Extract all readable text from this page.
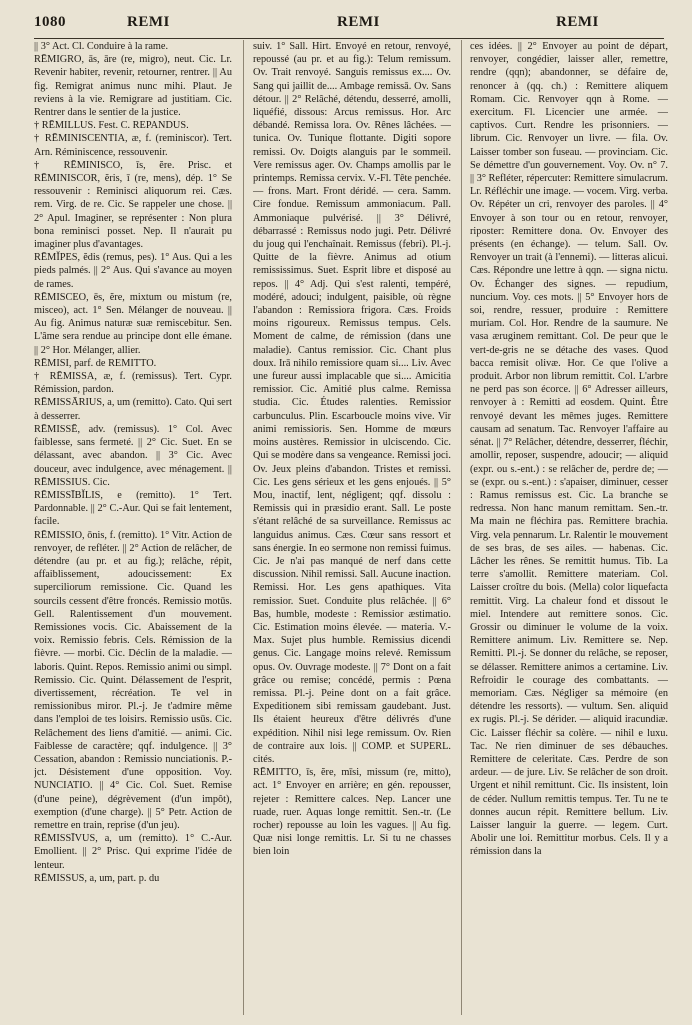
1080	REMI	REMI	REMI

|| 3° Act. Cl. Conduire à la rame.

RĒMIGRO, ās, āre (re, migro), neut. Cic. Lr. Revenir habiter, revenir, retourner, rentrer. || Au fig. Remigrat animus nunc mihi. Plaut. Je reviens à la vie. Remigrare ad justitiam. Cic. Rentrer dans le sentier de la justice.

† RĒMILLUS. Fest. C. REPANDUS.

† RĒMINISCENTIA, æ, f. (reminiscor). Tert. Arn. Réminiscence, ressouvenir.

† RĒMINISCO, īs, ĕre. Prisc. et RĒMINISCOR, ĕris, ī (re, mens), dép. 1° Se ressouvenir : Reminisci aliquorum rei. Cæs. rem. Virg. de re. Cic. Se rappeler une chose. || 2° Apul. Imaginer, se représenter : Non plura bona reminisci posset. Nep. Il n'aurait pu imaginer plus d'avantages.

RĒMĬPES, ĕdis (remus, pes). 1° Aus. Qui a les pieds palmés. || 2° Aus. Qui s'avance au moyen de rames.

RĒMISCEO, ēs, ĕre, mixtum ou mistum (re, misceo), act. 1° Sen. Mélanger de nouveau. || Au fig. Animus naturæ suæ remiscebitur. Sen. L'âme sera rendue au principe dont elle émane. || 2° Hor. Mélanger, allier.

RĒMISI, parf. de REMITTO.

† RĒMISSA, æ, f. (remissus). Tert. Cypr. Rémission, pardon.

RĒMISSĀRIUS, a, um (remitto). Cato. Qui sert à desserrer.

RĒMISSĒ, adv. (remissus). 1° Col. Avec faiblesse, sans fermeté. || 2° Cic. Suet. En se délassant, avec abandon. || 3° Cic. Avec douceur, avec indulgence, avec ménagement. || RĒMISSIUS. Cic.

RĒMISSĪBĬLIS, e (remitto). 1° Tert. Pardonnable. || 2° C.-Aur. Qui se fait lentement, facile.

RĒMISSIO, ōnis, f. (remitto). 1° Vitr. Action de renvoyer, de refléter. || 2° Action de relâcher, de détendre (au pr. et au fig.); relâche, répit, affaiblissement, adoucissement: Ex superciliorum remissione. Cic. Quand les sourcils cessent d'être froncés. Remissio motūs. Gell. Ralentissement d'un mouvement. Remissiones vocis. Cic. Abaissement de la voix. Remissio febris. Cels. Rémission de la fièvre. — morbi. Cic. Déclin de la maladie. — laboris. Quint. Repos. Remissio animi ou simpl. Remissio. Cic. Quint. Délassement de l'esprit, divertissement, récréation. Te vel in remissionibus miror. Pl.-j. Je t'admire même dans l'emploi de tes loisirs. Remissio usūs. Cic. Relâchement des liens d'amitié. — animi. Cic. Faiblesse de caractère; qqf. indulgence. || 3° Cessation, abandon : Remissio nunciationis. P.-jct. Désistement d'une opposition. Voy. NUNCIATIO. || 4° Cic. Col. Suet. Remise (d'une peine), dégrèvement (d'un impôt), exemption (d'une charge). || 5° Petr. Action de remettre en train, reprise (d'un jeu).

RĒMISSĪVUS, a, um (remitto). 1° C.-Aur. Emollient. || 2° Prisc. Qui exprime l'idée de lenteur.

RĒMISSUS, a, um, part. p. du

suiv. 1° Sall. Hirt. Envoyé en retour, renvoyé, repoussé (au pr. et au fig.): Telum remissum. Ov. Trait renvoyé. Sanguis remissus ex.... Ov. Sang qui jaillit de.... Ambage remissā. Ov. Sans détour. || 2° Relâché, détendu, desserré, amolli, liquéfié, dissous: Arcus remissus. Hor. Arc débandé. Remissa lora. Ov. Rênes lâchées. — tunica. Ov. Tunique flottante. Digiti sopore remissi. Ov. Doigts alanguis par le sommeil. Vere remissus ager. Ov. Champs amollis par le printemps. Remissa cervix. V.-Fl. Tête penchée. — frons. Mart. Front déridé. — cera. Samm. Cire fondue. Remissum ammoniacum. Pall. Ammoniaque pulvérisé. || 3° Délivré, débarrassé : Remissus nodo jugi. Petr. Délivré du joug qui l'enchaînait. Remissus (febri). Pl.-j. Quitte de la fièvre. Animus ad otium remississimus. Suet. Esprit libre et disposé au repos. || 4° Adj. Qui s'est ralenti, tempéré, modéré, adouci; indulgent, paisible, où règne l'abandon : Remissiora frigora. Cæs. Froids moins rigoureux. Remissus tempus. Cels. Moment de calme, de rémission (dans une maladie). Cantus remissior. Cic. Chant plus doux. Irā nihilo remissiore quam si.... Liv. Avec une fureur aussi implacable que si.... Amicitia remissior. Cic. Amitié plus calme. Remissa studia. Cic. Études ralenties. Remissior carbunculus. Plin. Escarboucle moins vive. Vir animi remissioris. Sen. Homme de mœurs moins austères. Remissior in ulciscendo. Cic. Qui se modère dans sa vengeance. Remissi joci. Ov. Jeux pleins d'abandon. Tristes et remissi. Cic. Les gens sérieux et les gens enjoués. || 5° Mou, inactif, lent, négligent; qqf. dissolu : Remissis qui in præsidio erant. Sall. Le poste s'étant relâché de sa surveillance. Remissus ac languidus animus. Cæs. Cœur sans ressort et sans énergie. In eo sermone non remissi fuimus. Cic. Je n'ai pas manqué de nerf dans cette discussion. Nihil remissi. Sall. Aucune inaction. Remissi. Hor. Les gens apathiques. Vita remissior. Suet. Conduite plus relâchée. || 6° Bas, humble, modeste : Remissior æstimatio. Cic. Estimation moins élevée. — materia. V.-Max. Sujet plus humble. Remissius dicendi genus. Cic. Langage moins relevé. Remissum opus. Ov. Ouvrage modeste. || 7° Dont on a fait grâce ou remise; concédé, permis : Pœna remissa. Pl.-j. Peine dont on a fait grâce. Expeditionem sibi remissam gaudebant. Just. Ils étaient heureux d'être délivrés d'une expédition. Nihil nisi lege remissum. Ov. Rien de contraire aux lois. || COMP. et SUPERL. cités.

RĒMITTO, īs, ĕre, mīsi, missum (re, mitto), act. 1° Envoyer en arrière; en gén. repousser, rejeter : Remittere calces. Nep. Lancer une ruade, ruer. Aquas longe remittit. Sen.-tr. (Le rocher) repousse au loin les vagues. || Au fig. Quæ nisi longe remittis. Lr. Si tu ne chasses bien loin

ces idées. || 2° Envoyer au point de départ, renvoyer, congédier, laisser aller, remettre, rendre (qqn); abandonner, se défaire de, renoncer à (qq. ch.) : Remittere aliquem Romam. Cic. Renvoyer qqn à Rome. — exercitum. Fl. Licencier une armée. — captivos. Curt. Rendre les prisonniers. — librum. Cic. Renvoyer un livre. — fila. Ov. Laisser tomber son fuseau. — provinciam. Cic. Se démettre d'un gouvernement. Voy. Ov. n° 7. || 3° Refléter, répercuter: Remittere simulacrum. Lr. Réfléchir une image. — vocem. Virg. verba. Ov. Répéter un cri, renvoyer des paroles. || 4° Envoyer à son tour ou en retour, renvoyer, riposter: Remittere dona. Ov. Envoyer des présents (en échange). — telum. Sall. Ov. Renvoyer un trait (à l'ennemi). — litteras alicui. Cæs. Répondre une lettre à qqn. — signa nictu. Ov. Échanger des signes. — repudium, nuncium. Voy. ces mots. || 5° Envoyer hors de soi, rendre, ressuer, produire : Remittere muriam. Col. Hor. Rendre de la saumure. Ne vasa æruginem remittant. Col. De peur que le vert-de-gris ne se détache des vases. Quod bacca remisit olivæ. Hor. Ce que l'olive a produit. Arbor non librum remittit. Col. L'arbre ne perd pas son écorce. || 6° Adresser ailleurs, renvoyer à : Remitti ad eosdem. Quint. Être renvoyé devant les mêmes juges. Remittere causam ad senatum. Tac. Renvoyer l'affaire au sénat. || 7° Relâcher, détendre, desserrer, fléchir, amollir, reposer, suspendre, adoucir; — aliquid (expr. ou s.-ent.) : se relâcher de, perdre de; — se (expr. ou s.-ent.) : s'apaiser, diminuer, cesser : Ramus remissus est. Cic. La branche se redressa. Non hanc manum remittam. Sen.-tr. Ma main ne fléchira pas. Remittere brachia. Virg. vela pennarum. Lr. Ralentir le mouvement de ses bras, de ses ailes. — habenas. Cic. Lâcher les rênes. Se remittit humus. Tib. La terre s'amollit. Remittere materiam. Col. Laisser croître du bois. (Mella) color liquefacta remittit. Virg. La chaleur fond et dissout le miel. Intendere aut remittere sonos. Cic. Grossir ou diminuer le volume de la voix. Remittere animum. Liv. Remittere se. Nep. Remitti. Pl.-j. Se donner du relâche, se reposer, se délasser. Remittere animos a certamine. Liv. Refroidir le courage des combattants. — memoriam. Cæs. Négliger sa mémoire (en détendre les ressorts). — vultum. Sen. aliquid ex rugis. Pl.-j. Se dérider. — aliquid iracundiæ. Cic. Laisser fléchir sa colère. — nihil e luxu. Tac. Ne rien diminuer de ses débauches. Remittere de celeritate. Cæs. Perdre de son ardeur. — de jure. Liv. Se relâcher de son droit. Urgent et nihil remittunt. Cic. Ils insistent, loin de céder. Nullum remittis tempus. Ter. Tu ne te donnes aucun répit. Remittere bellum. Liv. Laisser languir la guerre. — legem. Curt. Abolir une loi. Remittitur morbus. Cels. Il y a rémission dans la
